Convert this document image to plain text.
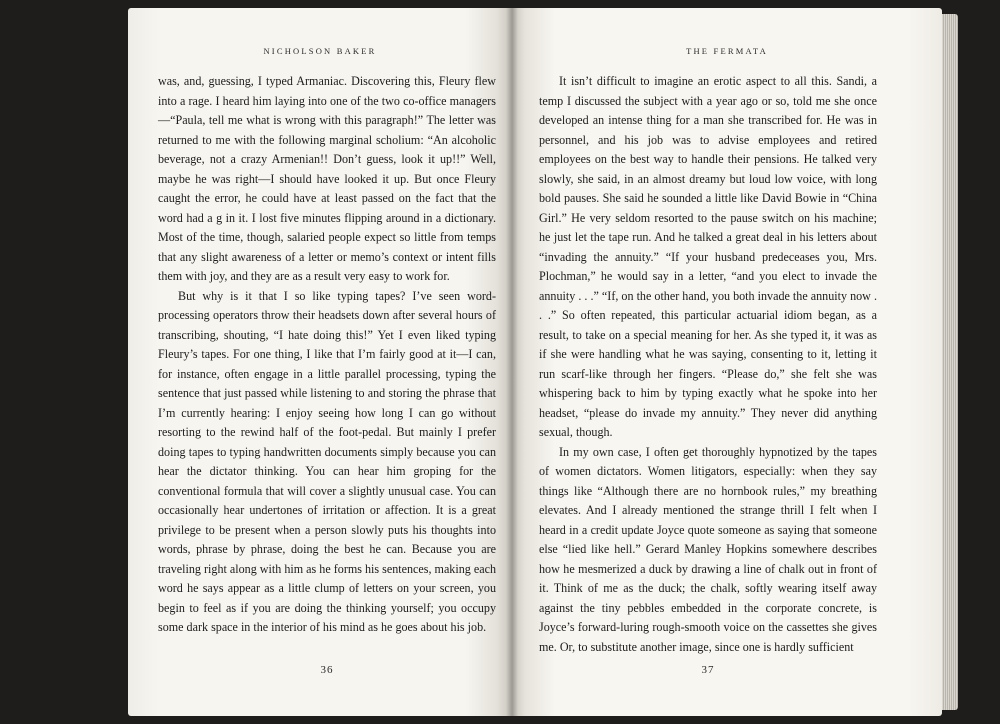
NICHOLSON BAKER

was, and, guessing, I typed Armaniac. Discovering this, Fleury flew into a rage. I heard him laying into one of the two co-office managers—“Paula, tell me what is wrong with this paragraph!” The letter was returned to me with the following marginal scholium: “An alcoholic beverage, not a crazy Armenian!! Don’t guess, look it up!!” Well, maybe he was right—I should have looked it up. But once Fleury caught the error, he could have at least passed on the fact that the word had a g in it. I lost five minutes flipping around in a dictionary. Most of the time, though, salaried people expect so little from temps that any slight awareness of a letter or memo’s context or intent fills them with joy, and they are as a result very easy to work for.

But why is it that I so like typing tapes? I’ve seen word-processing operators throw their headsets down after several hours of transcribing, shouting, “I hate doing this!” Yet I even liked typing Fleury’s tapes. For one thing, I like that I’m fairly good at it—I can, for instance, often engage in a little parallel processing, typing the sentence that just passed while listening to and storing the phrase that I’m currently hearing: I enjoy seeing how long I can go without resorting to the rewind half of the foot-pedal. But mainly I prefer doing tapes to typing handwritten documents simply because you can hear the dictator thinking. You can hear him groping for the conventional formula that will cover a slightly unusual case. You can occasionally hear undertones of irritation or affection. It is a great privilege to be present when a person slowly puts his thoughts into words, phrase by phrase, doing the best he can. Because you are traveling right along with him as he forms his sentences, making each word he says appear as a little clump of letters on your screen, you begin to feel as if you are doing the thinking yourself; you occupy some dark space in the interior of his mind as he goes about his job.

36
THE FERMATA

It isn’t difficult to imagine an erotic aspect to all this. Sandi, a temp I discussed the subject with a year ago or so, told me she once developed an intense thing for a man she transcribed for. He was in personnel, and his job was to advise employees and retired employees on the best way to handle their pensions. He talked very slowly, she said, in an almost dreamy but loud low voice, with long bold pauses. She said he sounded a little like David Bowie in “China Girl.” He very seldom resorted to the pause switch on his machine; he just let the tape run. And he talked a great deal in his letters about “invading the annuity.” “If your husband predeceases you, Mrs. Plochman,” he would say in a letter, “and you elect to invade the annuity . . .” “If, on the other hand, you both invade the annuity now . . .” So often repeated, this particular actuarial idiom began, as a result, to take on a special meaning for her. As she typed it, it was as if she were handling what he was saying, consenting to it, letting it run scarf-like through her fingers. “Please do,” she felt she was whispering back to him by typing exactly what he spoke into her headset, “please do invade my annuity.” They never did anything sexual, though.

In my own case, I often get thoroughly hypnotized by the tapes of women dictators. Women litigators, especially: when they say things like “Although there are no hornbook rules,” my breathing elevates. And I already mentioned the strange thrill I felt when I heard in a credit update Joyce quote someone as saying that someone else “lied like hell.” Gerard Manley Hopkins somewhere describes how he mesmerized a duck by drawing a line of chalk out in front of it. Think of me as the duck; the chalk, softly wearing itself away against the tiny pebbles embedded in the corporate concrete, is Joyce’s forward-luring rough-smooth voice on the cassettes she gives me. Or, to substitute another image, since one is hardly sufficient

37
